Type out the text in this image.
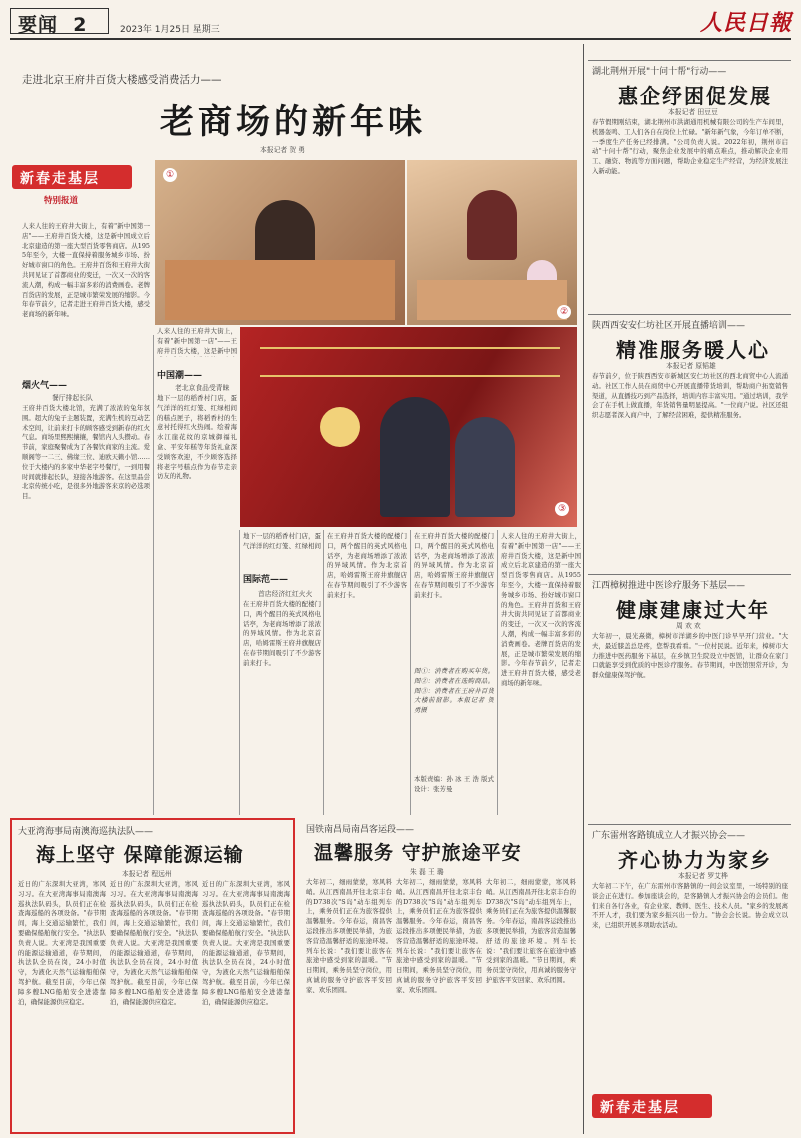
要闻 2	2023年 1月25日 星期三	人民日報
走进北京王府井百货大楼感受消费活力——
老商场的新年味
本报记者 贺 勇
新春走基层
特别报道
①
②
③
人来人往的王府井大街上，有着"新中国第一店"——王府井百货大楼，这是新中国成立后北京建造的第一座大型百货零售商店。从1955年至今，大楼一直保持着服务城乡市场、扮好城市窗口的角色。王府井百货和王府井大街共同见证了首都商业的变迁，一次又一次的客流人潮，构成一幅丰富多彩的消费画卷。老牌百货店的发展，正是城市繁荣发展的缩影。今年春节前夕，记者走进王府井百货大楼，感受老商场的新年味。
烟火气——
餐厅排起长队
王府井百货大楼北馆，充满了浓浓的兔年氛围。超大的兔子主题装置，充满生机的互动艺术空间，让前来打卡的顾客感受到新春的红火气息。商场里熙熙攘攘，餐馆内人头攒动。春节前，家庭聚餐成为了各餐饮商家的主流。爱顺阁等一二三、佛缘三位、迪欧天籁小馆……位于大楼内的多家中华老字号餐厅，一到用餐时间就排起长队，迎接各地游客。在这里品尝北京传统小吃，是很多外地游客来京的必选项目。
人来人往的王府井大街上，有着"新中国第一店"——王府井百货大楼，这是新中国
中国潮——
老北京食品受青睐
地下一层的稻香村门店，蛋气洋洋的红灯笼、红绿相间的糕点匣子，将稻香村的生意衬托得红火热闹。绘着海水江崖花纹的京城御福礼盒、平安年糕等年货礼盒深受顾客欢迎，不少顾客选择将老字号糕点作为春节走亲访友的礼物。
地下一层的稻香村门店，蛋气洋洋的红灯笼、红绿相间
国际范——
首店经济红红火火
在王府井百货大楼的配楼门口，两个醒目的英式风格电话亭，为老商场增添了浓浓的异域风情。作为北京首店，哈姆雷斯王府井旗舰店在春节期间吸引了不少游客前来打卡。
在王府井百货大楼的配楼门口，两个醒目的英式风格电话亭，为老商场增添了浓浓的异域风情。作为北京首店，哈姆雷斯王府井旗舰店在春节期间吸引了不少游客前来打卡。
在王府井百货大楼的配楼门口，两个醒目的英式风格电话亭，为老商场增添了浓浓的异域风情。作为北京首店，哈姆雷斯王府井旗舰店在春节期间吸引了不少游客前来打卡。
图①：消费者在购买年货。图②：消费者在选购商品。图③：消费者在王府井百货大楼前留影。本报记者 贺 勇摄
本版责编：孙 冰 王 浩 版式设计：张芳曼
人来人往的王府井大街上，有着"新中国第一店"——王府井百货大楼，这是新中国成立后北京建造的第一座大型百货零售商店。从1955年至今，大楼一直保持着服务城乡市场、扮好城市窗口的角色。王府井百货和王府井大街共同见证了首都商业的变迁，一次又一次的客流人潮，构成一幅丰富多彩的消费画卷。老牌百货店的发展，正是城市繁荣发展的缩影。今年春节前夕，记者走进王府井百货大楼，感受老商场的新年味。
湖北荆州开展"十问十帮"行动——
惠企纾困促发展
本报记者 田豆豆
春节假期刚结束，湖北荆州市洪湖通用机械有限公司的生产车间里，机器轰鸣、工人们各自在岗位上忙碌。"新年新气象，今年订单不断，一季度生产任务已经排满。"公司负责人说。2022年初，荆州市启动"十问十帮"行动，聚焦企业发展中的痛点难点，推动解决企业用工、融资、物流等方面问题，帮助企业稳定生产经营，为经济发展注入新动能。
陕西西安安仁坊社区开展直播培训——
精准服务暖人心
本报记者 原韬雄
春节前夕，位于陕西西安市新城区安仁坊社区的西北商贸中心人流涌动。社区工作人员在商贸中心开展直播带货培训，帮助商户拓宽销售渠道，从直播技巧到产品选择，培训内容丰富实用。"通过培训，我学会了在手机上做直播，年货销售量明显提高。"一位商户说。社区还组织志愿者深入商户中，了解经营困难，提供精准服务。
江西樟树推进中医诊疗服务下基层——
健康建康过大年
周 欢 欢
大年初一，晨光熹微，樟树市洋湖乡的中医门诊早早开门营业。"大夫，最近膝盖总是疼，您帮我看看。"一位村民说。近年来，樟树市大力推进中医药服务下基层，在乡镇卫生院设立中医馆，让群众在家门口就能享受到优质的中医诊疗服务。春节期间，中医馆照常开诊，为群众健康保驾护航。
广东雷州客路镇成立人才振兴协会——
齐心协力为家乡
本报记者 罗艾桦
大年初二下午，在广东雷州市客路镇的一间会议室里，一场特别的座谈会正在进行。参加座谈会的，是客路镇人才振兴协会的会员们。他们来自各行各业，有企业家、教师、医生、技术人员。"家乡的发展离不开人才，我们要为家乡振兴出一份力。"协会会长说。协会成立以来，已组织开展多项助农活动。
新春走基层
大亚湾海事局南澳海巡执法队——
海上坚守 保障能源运输
本报记者 程远州
近日的广东深圳大亚湾，寒风习习。在大亚湾海事局南澳海巡执法队码头，队员们正在检查海巡船的各项设备。"春节期间，海上交通运输繁忙，我们要确保船舶航行安全。"执法队负责人说。大亚湾是我国重要的能源运输通道，春节期间，执法队全员在岗，24小时值守，为液化天然气运输船舶保驾护航。截至目前，今年已保障多艘LNG船舶安全进港靠泊，确保能源供应稳定。
近日的广东深圳大亚湾，寒风习习。在大亚湾海事局南澳海巡执法队码头，队员们正在检查海巡船的各项设备。"春节期间，海上交通运输繁忙，我们要确保船舶航行安全。"执法队负责人说。大亚湾是我国重要的能源运输通道，春节期间，执法队全员在岗，24小时值守，为液化天然气运输船舶保驾护航。截至目前，今年已保障多艘LNG船舶安全进港靠泊，确保能源供应稳定。
近日的广东深圳大亚湾，寒风习习。在大亚湾海事局南澳海巡执法队码头，队员们正在检查海巡船的各项设备。"春节期间，海上交通运输繁忙，我们要确保船舶航行安全。"执法队负责人说。大亚湾是我国重要的能源运输通道，春节期间，执法队全员在岗，24小时值守，为液化天然气运输船舶保驾护航。截至目前，今年已保障多艘LNG船舶安全进港靠泊，确保能源供应稳定。
国铁南昌局南昌客运段——
温馨服务 守护旅途平安
朱 磊 王 璐
大年初二，细雨蒙蒙，寒风料峭。从江西南昌开往北京丰台的D738次"S岛"动车组列车上，乘务员们正在为旅客提供温馨服务。今年春运，南昌客运段推出多项便民举措，为旅客营造温馨舒适的旅途环境。列车长说："我们要让旅客在旅途中感受到家的温暖。"节日期间，乘务员坚守岗位，用真诚的服务守护旅客平安回家、欢乐团圆。
大年初二，细雨蒙蒙，寒风料峭。从江西南昌开往北京丰台的D738次"S岛"动车组列车上，乘务员们正在为旅客提供温馨服务。今年春运，南昌客运段推出多项便民举措，为旅客营造温馨舒适的旅途环境。列车长说："我们要让旅客在旅途中感受到家的温暖。"节日期间，乘务员坚守岗位，用真诚的服务守护旅客平安回家、欢乐团圆。
大年初二，细雨蒙蒙，寒风料峭。从江西南昌开往北京丰台的D738次"S岛"动车组列车上，乘务员们正在为旅客提供温馨服务。今年春运，南昌客运段推出多项便民举措，为旅客营造温馨舒适的旅途环境。列车长说："我们要让旅客在旅途中感受到家的温暖。"节日期间，乘务员坚守岗位，用真诚的服务守护旅客平安回家、欢乐团圆。
